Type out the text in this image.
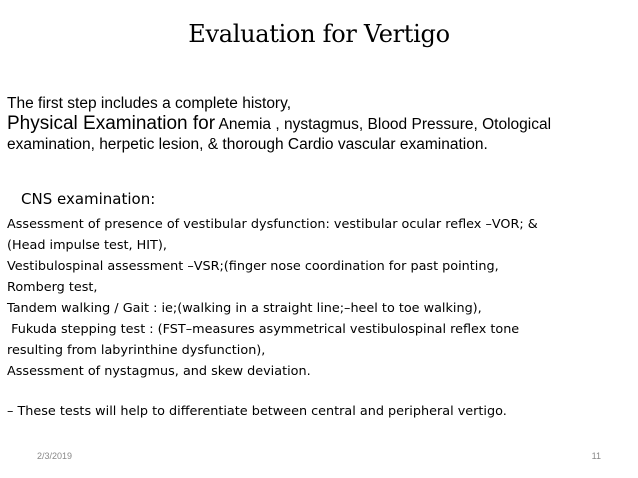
Evaluation for Vertigo
The first step includes a complete history,
Physical Examination for Anemia , nystagmus, Blood Pressure, Otological
examination, herpetic lesion, & thorough Cardio vascular examination.
CNS examination:
Assessment of presence of vestibular dysfunction: vestibular ocular reflex –VOR; &
(Head impulse test, HIT),
Vestibulospinal assessment –VSR;(finger nose coordination for past pointing,
Romberg test,
Tandem walking / Gait : ie;(walking in a straight line;–heel to toe walking),
Fukuda stepping test : (FST–measures asymmetrical vestibulospinal reflex tone
resulting from labyrinthine dysfunction),
Assessment of nystagmus, and skew deviation.
– These tests will help to differentiate between central and peripheral vertigo.
2/3/2019	11
